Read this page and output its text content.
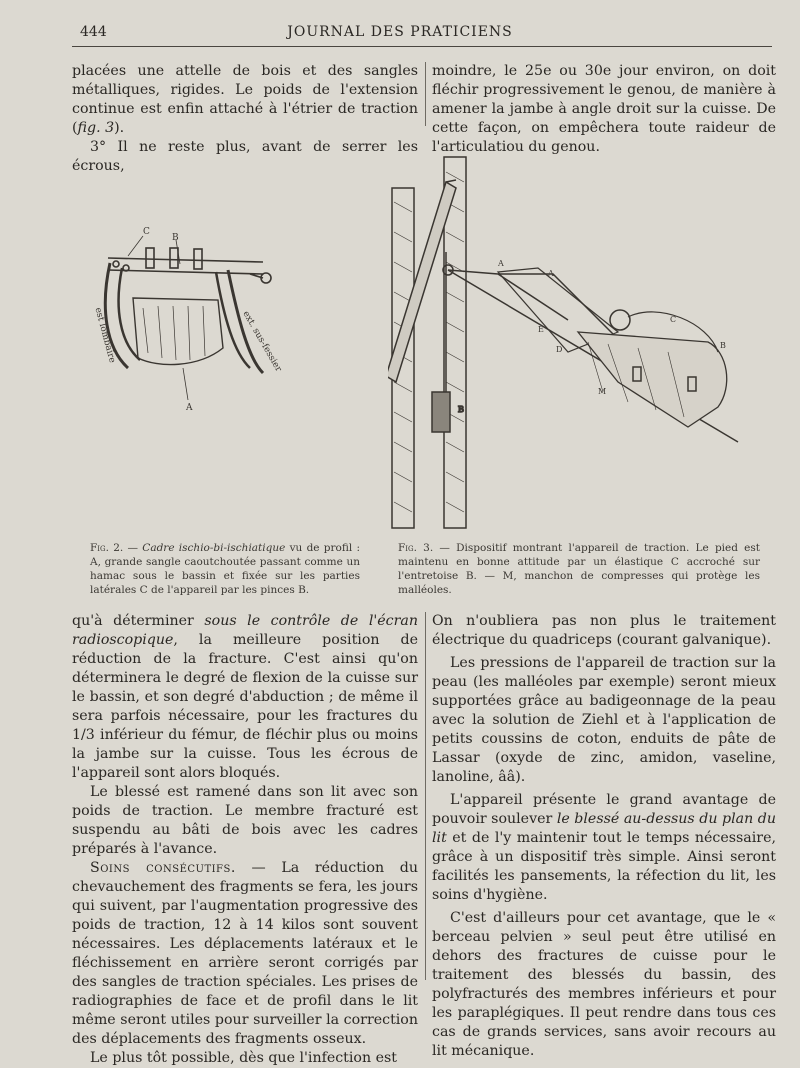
444	JOURNAL DES PRATICIENS

placées une attelle de bois et des sangles métalliques, rigides. Le poids de l'extension continue est enfin attaché à l'étrier de traction (fig. 3).

3° Il ne reste plus, avant de serrer les écrous,

moindre, le 25e ou 30e jour environ, on doit fléchir progressivement le genou, de manière à amener la jambe à angle droit sur la cuisse. De cette façon, on empêchera toute raideur de l'articulatiou du genou.

C
B
A
est lombaire	ext. sus-fessier
B
A
A
E
D
C
B
M
Fig. 2. — Cadre ischio-bi-ischiatique vu de profil : A, grande sangle caoutchoutée passant comme un hamac sous le bassin et fixée sur les parties latérales C de l'appareil par les pinces B.
Fig. 3. — Dispositif montrant l'appareil de traction. Le pied est maintenu en bonne attitude par un élastique C accroché sur l'entretoise B. — M, manchon de compresses qui protège les malléoles.

qu'à déterminer sous le contrôle de l'écran radioscopique, la meilleure position de réduction de la fracture. C'est ainsi qu'on déterminera le degré de flexion de la cuisse sur le bassin, et son degré d'abduction ; de même il sera parfois nécessaire, pour les fractures du 1/3 inférieur du fémur, de fléchir plus ou moins la jambe sur la cuisse. Tous les écrous de l'appareil sont alors bloqués.

Le blessé est ramené dans son lit avec son poids de traction. Le membre fracturé est suspendu au bâti de bois avec les cadres préparés à l'avance.

Soins consécutifs. — La réduction du chevauchement des fragments se fera, les jours qui suivent, par l'augmentation progressive des poids de traction, 12 à 14 kilos sont souvent nécessaires. Les déplacements latéraux et le fléchissement en arrière seront corrigés par des sangles de traction spéciales. Les prises de radiographies de face et de profil dans le lit même seront utiles pour surveiller la correction des déplacements des fragments osseux.

Le plus tôt possible, dès que l'infection est

On n'oubliera pas non plus le traitement électrique du quadriceps (courant galvanique).

Les pressions de l'appareil de traction sur la peau (les malléoles par exemple) seront mieux supportées grâce au badigeonnage de la peau avec la solution de Ziehl et à l'application de petits coussins de coton, enduits de pâte de Lassar (oxyde de zinc, amidon, vaseline, lanoline, ââ).

L'appareil présente le grand avantage de pouvoir soulever le blessé au-dessus du plan du lit et de l'y maintenir tout le temps nécessaire, grâce à un dispositif très simple. Ainsi seront facilités les pansements, la réfection du lit, les soins d'hygiène.

C'est d'ailleurs pour cet avantage, que le « berceau pelvien » seul peut être utilisé en dehors des fractures de cuisse pour le traitement des blessés du bassin, des polyfracturés des membres inférieurs et pour les paraplégiques. Il peut rendre dans tous ces cas de grands services, sans avoir recours au lit mécanique.
